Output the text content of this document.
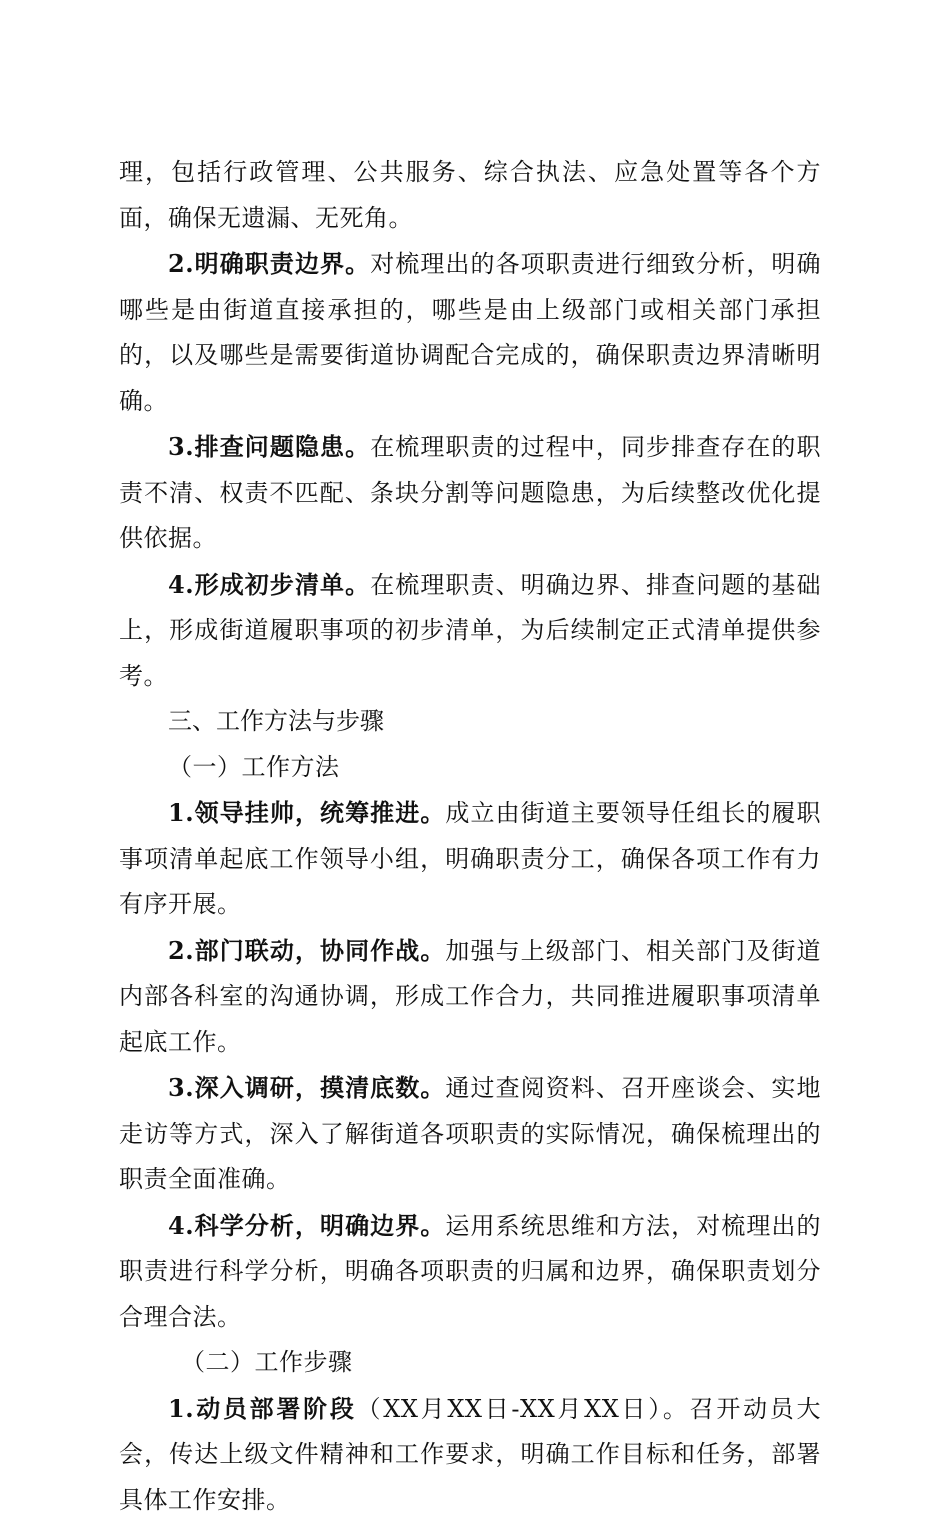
理，包括行政管理、公共服务、综合执法、应急处置等各个方面，确保无遗漏、无死角。

2.明确职责边界。对梳理出的各项职责进行细致分析，明确哪些是由街道直接承担的，哪些是由上级部门或相关部门承担的，以及哪些是需要街道协调配合完成的，确保职责边界清晰明确。

3.排查问题隐患。在梳理职责的过程中，同步排查存在的职责不清、权责不匹配、条块分割等问题隐患，为后续整改优化提供依据。

4.形成初步清单。在梳理职责、明确边界、排查问题的基础上，形成街道履职事项的初步清单，为后续制定正式清单提供参考。

三、工作方法与步骤

（一）工作方法

1.领导挂帅，统筹推进。成立由街道主要领导任组长的履职事项清单起底工作领导小组，明确职责分工，确保各项工作有力有序开展。

2.部门联动，协同作战。加强与上级部门、相关部门及街道内部各科室的沟通协调，形成工作合力，共同推进履职事项清单起底工作。

3.深入调研，摸清底数。通过查阅资料、召开座谈会、实地走访等方式，深入了解街道各项职责的实际情况，确保梳理出的职责全面准确。

4.科学分析，明确边界。运用系统思维和方法，对梳理出的职责进行科学分析，明确各项职责的归属和边界，确保职责划分合理合法。

（二）工作步骤

1.动员部署阶段（XX月XX日-XX月XX日）。召开动员大会，传达上级文件精神和工作要求，明确工作目标和任务，部署具体工作安排。
